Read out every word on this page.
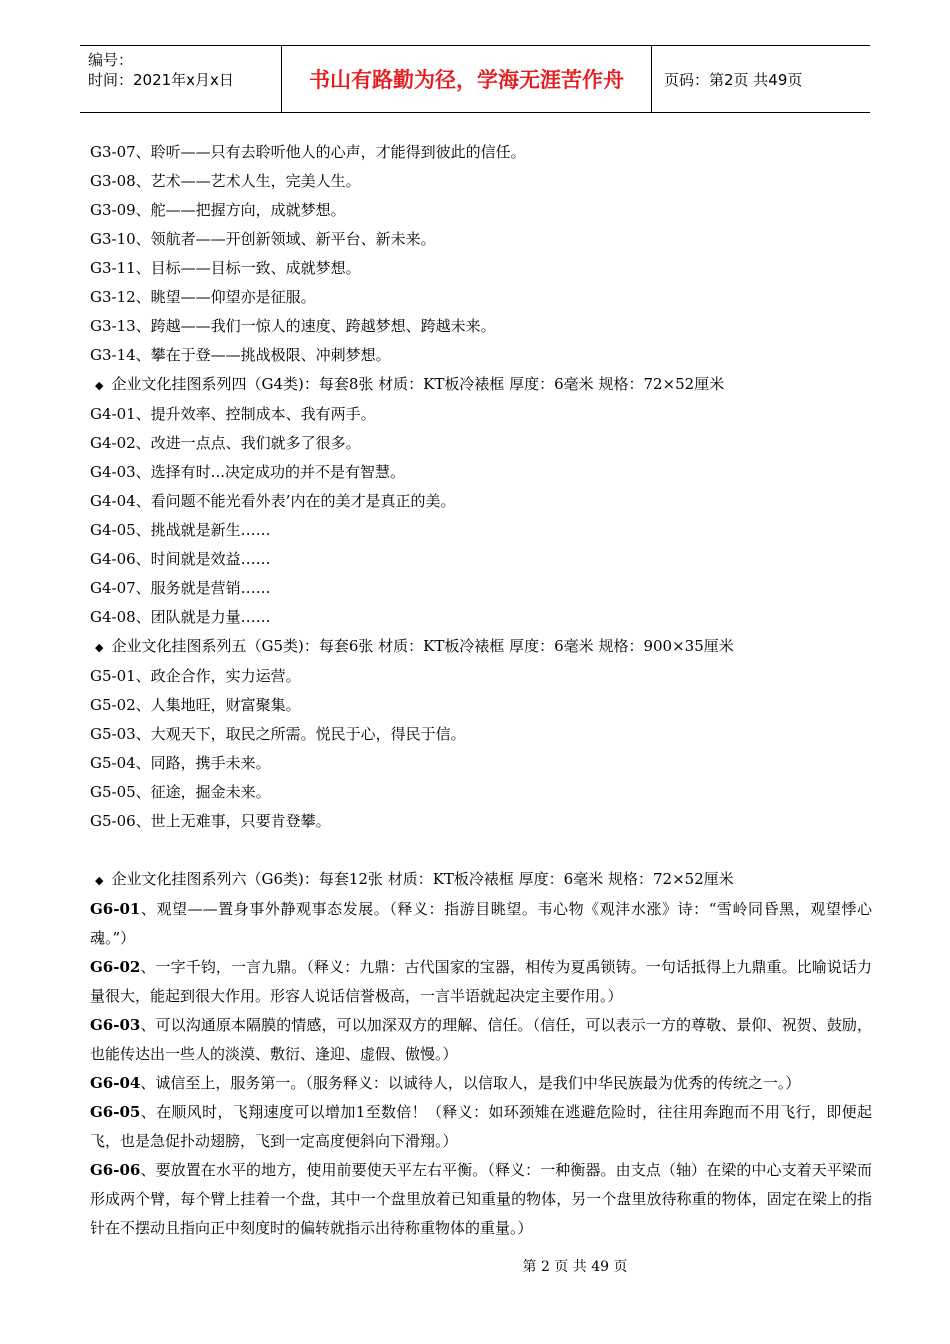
编号：
时间：2021年x月x日	书山有路勤为径，学海无涯苦作舟	页码：第2页 共49页
G3-07、聆听——只有去聆听他人的心声，才能得到彼此的信任。
G3-08、艺术——艺术人生，完美人生。
G3-09、舵——把握方向，成就梦想。
G3-10、领航者——开创新领域、新平台、新未来。
G3-11、目标——目标一致、成就梦想。
G3-12、眺望——仰望亦是征服。
G3-13、跨越——我们一惊人的速度、跨越梦想、跨越未来。
G3-14、攀在于登——挑战极限、冲刺梦想。
◆ 企业文化挂图系列四（G4类)：每套8张 材质：KT板冷裱框 厚度：6毫米 规格：72×52厘米
G4-01、提升效率、控制成本、我有两手。
G4-02、改进一点点、我们就多了很多。
G4-03、选择有时...决定成功的并不是有智慧。
G4-04、看问题不能光看外表’内在的美才是真正的美。
G4-05、挑战就是新生……
G4-06、时间就是效益……
G4-07、服务就是营销……
G4-08、团队就是力量……
◆ 企业文化挂图系列五（G5类)：每套6张 材质：KT板冷裱框 厚度：6毫米 规格：900×35厘米
G5-01、政企合作，实力运营。
G5-02、人集地旺，财富聚集。
G5-03、大观天下，取民之所需。悦民于心，得民于信。
G5-04、同路，携手未来。
G5-05、征途，掘金未来。
G5-06、世上无难事，只要肯登攀。
◆ 企业文化挂图系列六（G6类)：每套12张 材质：KT板冷裱框 厚度：6毫米 规格：72×52厘米
G6-01、观望——置身事外静观事态发展。（释义：指游目眺望。韦心物《观沣水涨》诗：“雪岭同昏黑，观望悸心魂。”）
G6-02、一字千钧，一言九鼎。（释义：九鼎：古代国家的宝器，相传为夏禹锁铸。一句话抵得上九鼎重。比喻说话力量很大，能起到很大作用。形容人说话信誉极高，一言半语就起决定主要作用。）
G6-03、可以沟通原本隔膜的情感，可以加深双方的理解、信任。（信任，可以表示一方的尊敬、景仰、祝贺、鼓励，也能传达出一些人的淡漠、敷衍、逢迎、虚假、傲慢。）
G6-04、诚信至上，服务第一。（服务释义：以诚待人，以信取人，是我们中华民族最为优秀的传统之一。）
G6-05、在顺风时，飞翔速度可以增加1至数倍！（释义：如环颈雉在逃避危险时，往往用奔跑而不用飞行，即便起飞，也是急促扑动翅膀，飞到一定高度便斜向下滑翔。）
G6-06、要放置在水平的地方，使用前要使天平左右平衡。（释义：一种衡器。由支点（轴）在梁的中心支着天平梁而形成两个臂，每个臂上挂着一个盘，其中一个盘里放着已知重量的物体，另一个盘里放待称重的物体，固定在梁上的指针在不摆动且指向正中刻度时的偏转就指示出待称重物体的重量。）
第 2 页 共 49 页
